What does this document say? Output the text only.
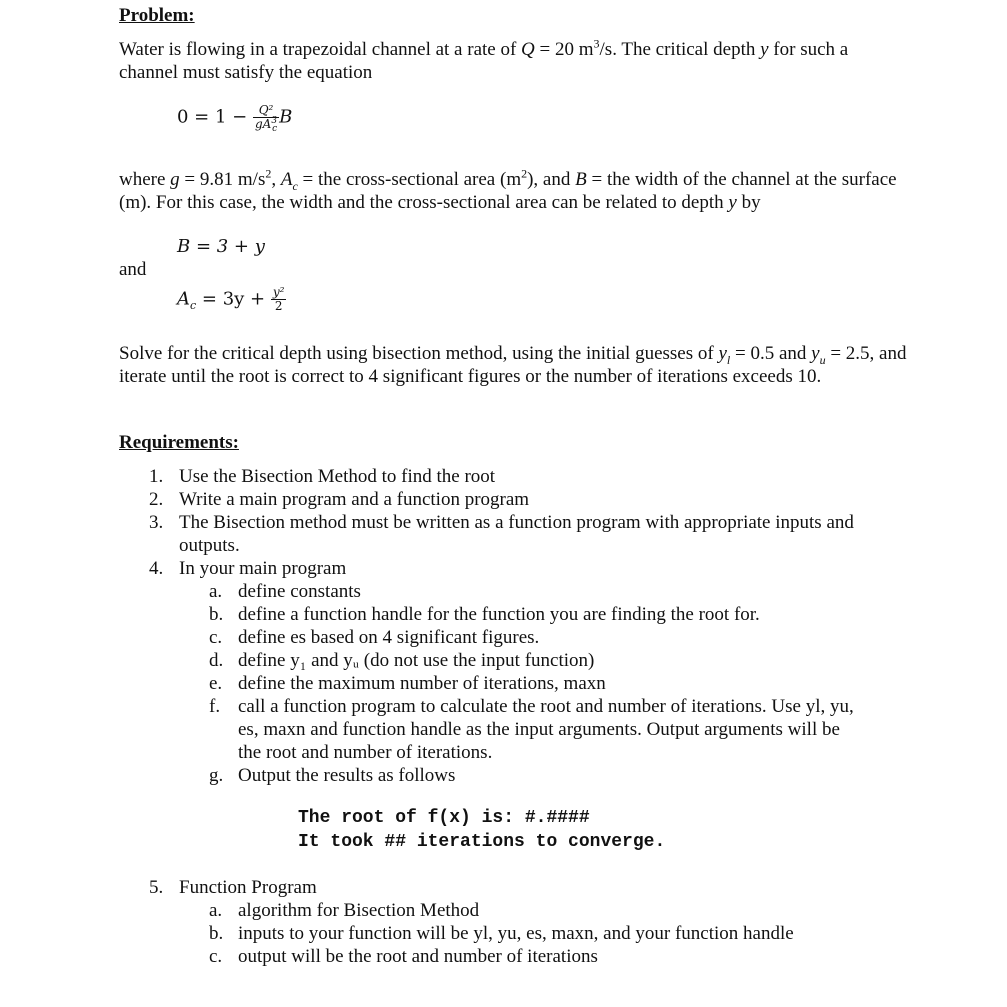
Problem:
Water is flowing in a trapezoidal channel at a rate of Q = 20 $m^3/s$. The critical depth y for such a channel must satisfy the equation
$0 = 1 - \frac{\text{Q²}}{gA^3_c}$ B
where g = 9.81 $m/s^2$, $A_c$ = the cross-sectional area $(m^2)$, and B = the width of the channel at the surface (m). For this case, the width and the cross-sectional area can be related to depth y by
B = 3 + y
and
$A_c = 3y + \frac{\text{y²}}{2}$
Solve for the critical depth using bisection method, using the initial guesses of $y_l = 0.5$ and $y_u = 2.5$, and iterate until the root is correct to 4 significant figures or the number of iterations exceeds 10.
Requirements:
1. Use the Bisection Method to find the root
2. Write a main program and a function program
3. The Bisection method must be written as a function program with appropriate inputs and
outputs.
4. In your main program
a. define constants
b. define a function handle for the function you are finding the root for.
c. define es based on 4 significant figures.
d. define y₁ and yᵤ (do not use the input function)
e. define the maximum number of iterations, maxn
f. call a function program to calculate the root and number of iterations. Use yl, yu,
es, maxn and function handle as the input arguments. Output arguments will be
the root and number of iterations.
g. Output the results as follows
The root of f(x) is: #.####
It took ## iterations to converge.
5. Function Program
a. algorithm for Bisection Method
b. inputs to your function will be yl, yu, es, maxn, and your function handle
c. output will be the root and number of iterations
